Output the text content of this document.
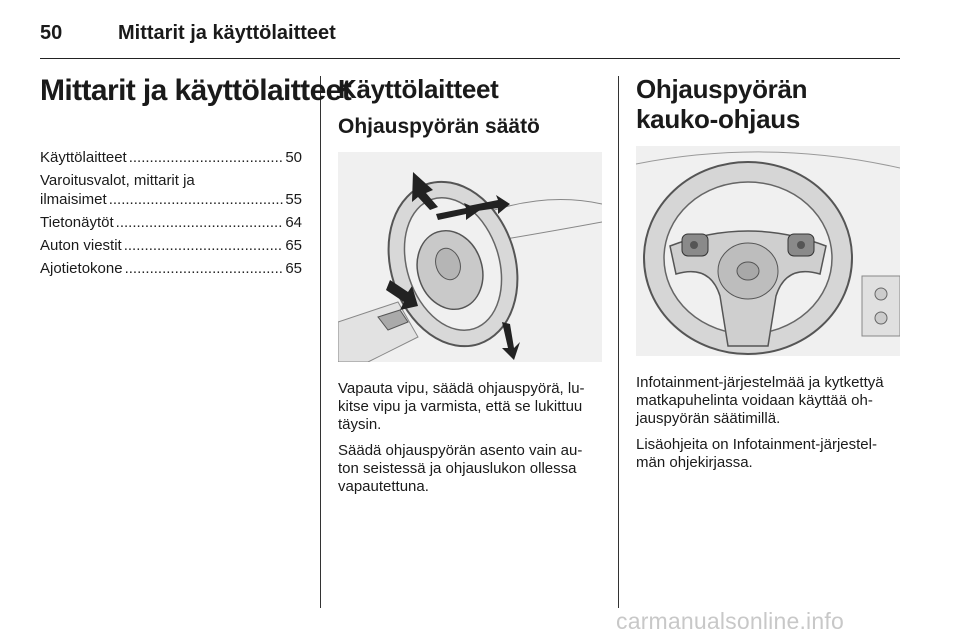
50	Mittarit ja käyttölaitteet
Mittarit ja käyttölaitteet
Käyttölaitteet .....	50
Varoitusvalot, mittarit ja
ilmaisimet .....	55
Tietonäytöt .....	64
Auton viestit .....	65
Ajotietokone .....	65
Käyttölaitteet
Ohjauspyörän säätö
Vapauta vipu, säädä ohjauspyörä, lu-kitse vipu ja varmista, että se lukittuu täysin.
Säädä ohjauspyörän asento vain au-ton seistessä ja ohjauslukon ollessa vapautettuna.
Ohjauspyörän kauko-ohjaus
Infotainment-järjestelmää ja kytkettyä matkapuhelinta voidaan käyttää oh-jauspyörän säätimillä.
Lisäohjeita on Infotainment-järjestel-män ohjekirjassa.
carmanualsonline.info
